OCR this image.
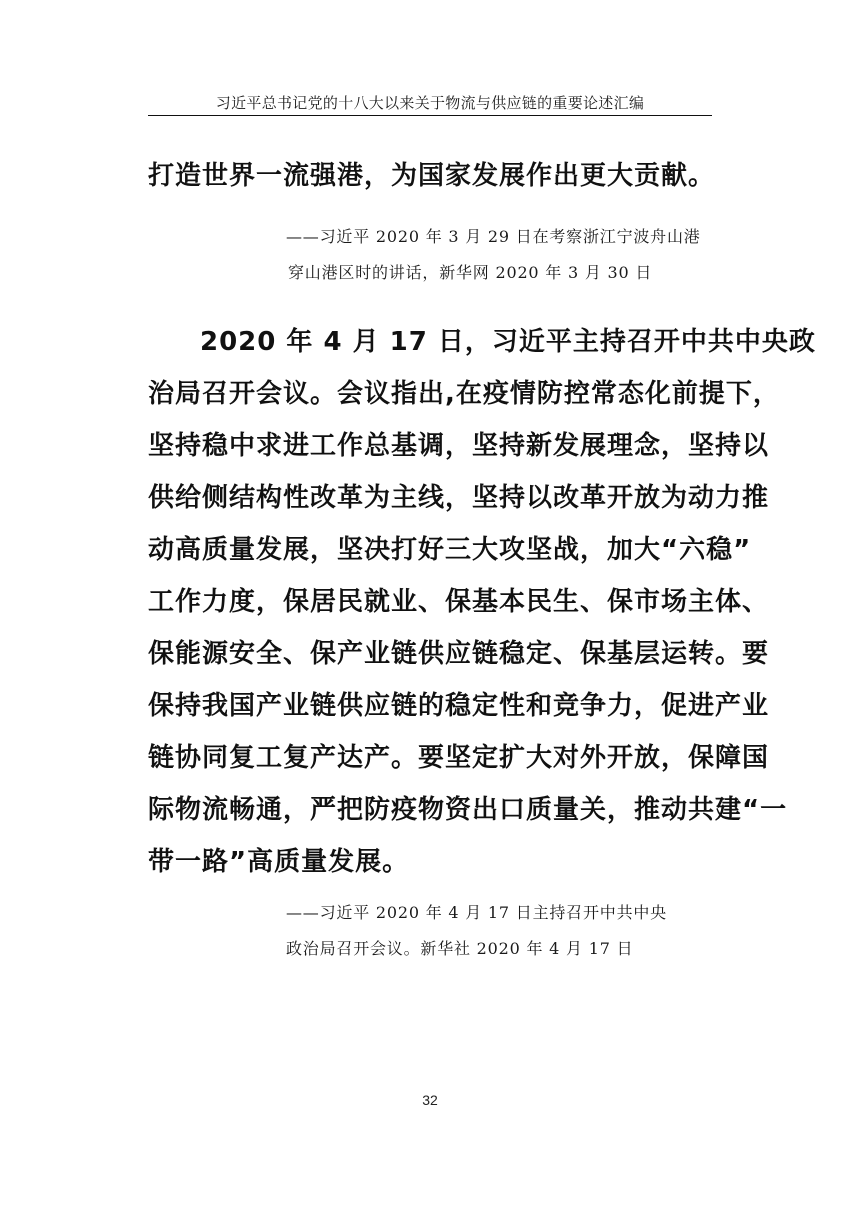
习近平总书记党的十八大以来关于物流与供应链的重要论述汇编
打造世界一流强港，为国家发展作出更大贡献。
——习近平 2020 年 3 月 29 日在考察浙江宁波舟山港
穿山港区时的讲话，新华网 2020 年 3 月 30 日
2020 年 4 月 17 日，习近平主持召开中共中央政
治局召开会议。会议指出,在疫情防控常态化前提下，
坚持稳中求进工作总基调，坚持新发展理念，坚持以
供给侧结构性改革为主线，坚持以改革开放为动力推
动高质量发展，坚决打好三大攻坚战，加大“六稳”
工作力度，保居民就业、保基本民生、保市场主体、
保能源安全、保产业链供应链稳定、保基层运转。要
保持我国产业链供应链的稳定性和竞争力，促进产业
链协同复工复产达产。要坚定扩大对外开放，保障国
际物流畅通，严把防疫物资出口质量关，推动共建“一
带一路”高质量发展。
——习近平 2020 年 4 月 17 日主持召开中共中央
政治局召开会议。新华社 2020 年 4 月 17 日
32
